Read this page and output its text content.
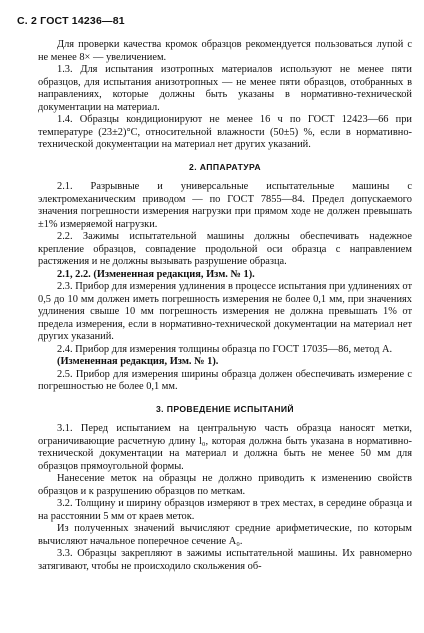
С. 2 ГОСТ 14236—81

Для проверки качества кромок образцов рекомендуется пользоваться лупой с не менее 8× — увеличением.

1.3. Для испытания изотропных материалов используют не менее пяти образцов, для испытания анизотропных — не менее пяти образцов, отобранных в направлениях, которые должны быть указаны в нормативно-технической документации на материал.

1.4. Образцы кондиционируют не менее 16 ч по ГОСТ 12423—66 при температуре (23±2)°С, относительной влажности (50±5) %, если в нормативно-технической документации на материал нет других указаний.

2. АППАРАТУРА

2.1. Разрывные и универсальные испытательные машины с электромеханическим приводом — по ГОСТ 7855—84. Предел допускаемого значения погрешности измерения нагрузки при прямом ходе не должен превышать ±1% измеряемой нагрузки.

2.2. Зажимы испытательной машины должны обеспечивать надежное крепление образцов, совпадение продольной оси образца с направлением растяжения и не должны вызывать разрушение образца.

2.1, 2.2. (Измененная редакция, Изм. № 1).

2.3. Прибор для измерения удлинения в процессе испытания при удлинениях от 0,5 до 10 мм должен иметь погрешность измерения не более 0,1 мм, при значениях удлинения свыше 10 мм погрешность измерения не должна превышать 1% от предела измерения, если в нормативно-технической документации на материал нет других указаний.

2.4. Прибор для измерения толщины образца по ГОСТ 17035—86, метод А.

(Измененная редакция, Изм. № 1).

2.5. Прибор для измерения ширины образца должен обеспечивать измерение с погрешностью не более 0,1 мм.

3. ПРОВЕДЕНИЕ ИСПЫТАНИЙ

3.1. Перед испытанием на центральную часть образца наносят метки, ограничивающие расчетную длину l₀, которая должна быть указана в нормативно-технической документации на материал и должна быть не менее 50 мм для образцов прямоугольной формы.

Нанесение меток на образцы не должно приводить к изменению свойств образцов и к разрушению образцов по меткам.

3.2. Толщину и ширину образцов измеряют в трех местах, в середине образца и на расстоянии 5 мм от краев меток.

Из полученных значений вычисляют средние арифметические, по которым вычисляют начальное поперечное сечение A₀.

3.3. Образцы закрепляют в зажимы испытательной машины. Их равномерно затягивают, чтобы не происходило скольжения об-
